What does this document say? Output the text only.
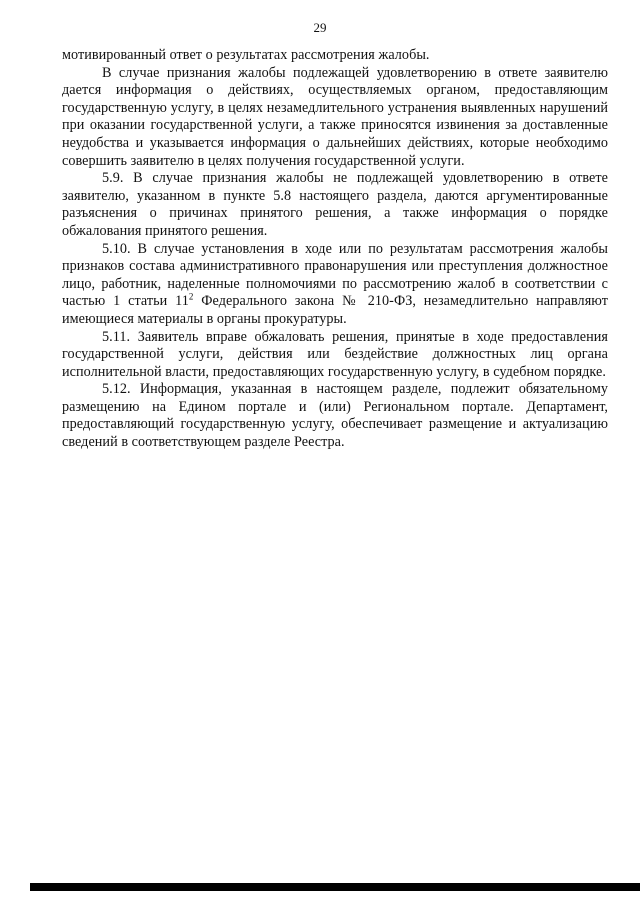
29

мотивированный ответ о результатах рассмотрения жалобы.

В случае признания жалобы подлежащей удовлетворению в ответе заявителю дается информация о действиях, осуществляемых органом, предоставляющим государственную услугу, в целях незамедлительного устранения выявленных нарушений при оказании государственной услуги, а также приносятся извинения за доставленные неудобства и указывается информация о дальнейших действиях, которые необходимо совершить заявителю в целях получения государственной услуги.

5.9. В случае признания жалобы не подлежащей удовлетворению в ответе заявителю, указанном в пункте 5.8 настоящего раздела, даются аргументированные разъяснения о причинах принятого решения, а также информация о порядке обжалования принятого решения.

5.10. В случае установления в ходе или по результатам рассмотрения жалобы признаков состава административного правонарушения или преступления должностное лицо, работник, наделенные полномочиями по рассмотрению жалоб в соответствии с частью 1 статьи $11^2$ Федерального закона № 210-ФЗ, незамедлительно направляют имеющиеся материалы в органы прокуратуры.

5.11. Заявитель вправе обжаловать решения, принятые в ходе предоставления государственной услуги, действия или бездействие должностных лиц органа исполнительной власти, предоставляющих государственную услугу, в судебном порядке.

5.12. Информация, указанная в настоящем разделе, подлежит обязательному размещению на Едином портале и (или) Региональном портале. Департамент, предоставляющий государственную услугу, обеспечивает размещение и актуализацию сведений в соответствующем разделе Реестра.
